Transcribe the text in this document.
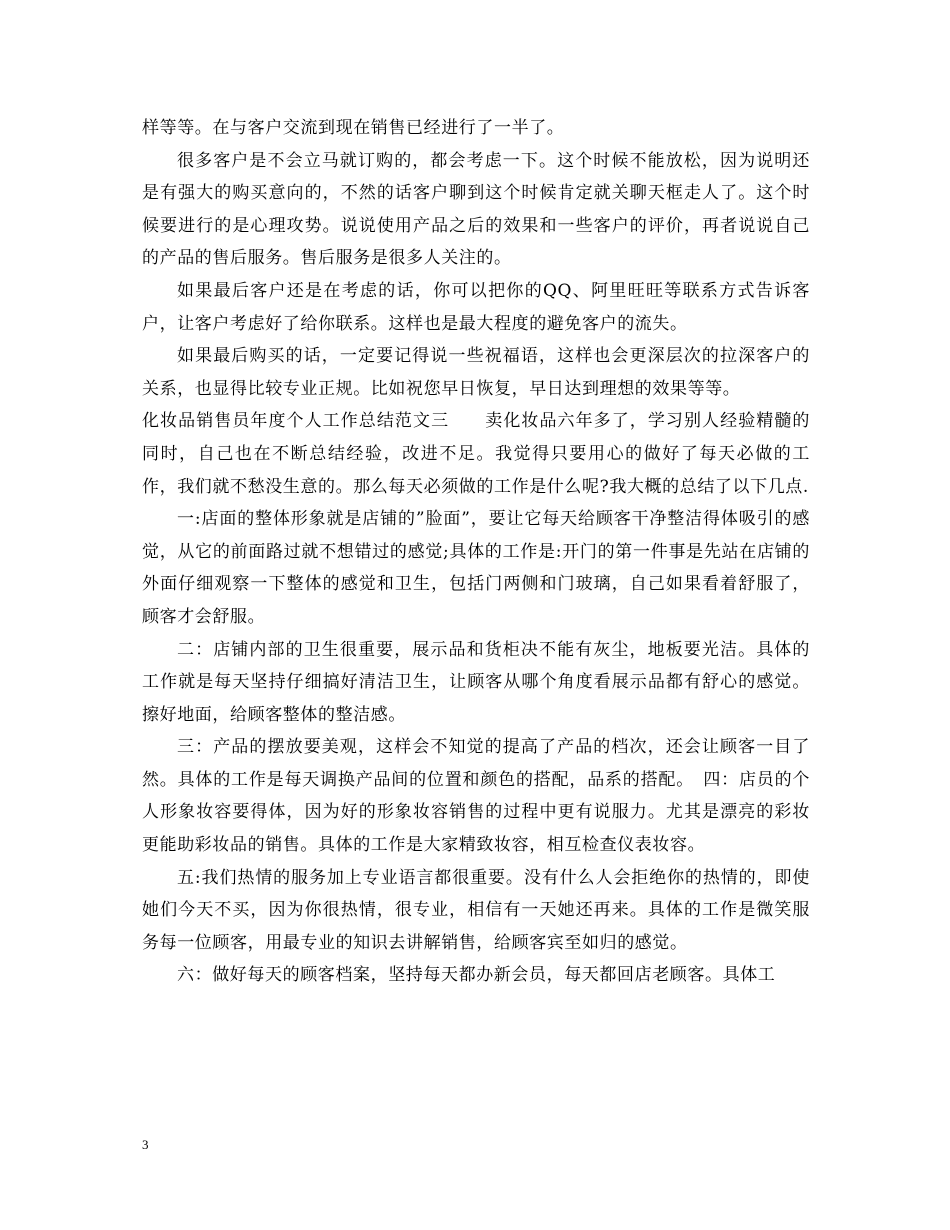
样等等。在与客户交流到现在销售已经进行了一半了。

很多客户是不会立马就订购的，都会考虑一下。这个时候不能放松，因为说明还是有强大的购买意向的，不然的话客户聊到这个时候肯定就关聊天框走人了。这个时候要进行的是心理攻势。说说使用产品之后的效果和一些客户的评价，再者说说自己的产品的售后服务。售后服务是很多人关注的。

如果最后客户还是在考虑的话，你可以把你的QQ、阿里旺旺等联系方式告诉客户，让客户考虑好了给你联系。这样也是最大程度的避免客户的流失。

如果最后购买的话，一定要记得说一些祝福语，这样也会更深层次的拉深客户的关系，也显得比较专业正规。比如祝您早日恢复，早日达到理想的效果等等。

化妆品销售员年度个人工作总结范文三　　卖化妆品六年多了，学习别人经验精髓的同时，自己也在不断总结经验，改进不足。我觉得只要用心的做好了每天必做的工作，我们就不愁没生意的。那么每天必须做的工作是什么呢?我大概的总结了以下几点.

一:店面的整体形象就是店铺的”脸面”，要让它每天给顾客干净整洁得体吸引的感觉，从它的前面路过就不想错过的感觉;具体的工作是:开门的第一件事是先站在店铺的外面仔细观察一下整体的感觉和卫生，包括门两侧和门玻璃，自己如果看着舒服了，顾客才会舒服。

二：店铺内部的卫生很重要，展示品和货柜决不能有灰尘，地板要光洁。具体的工作就是每天坚持仔细搞好清洁卫生，让顾客从哪个角度看展示品都有舒心的感觉。擦好地面，给顾客整体的整洁感。

三：产品的摆放要美观，这样会不知觉的提高了产品的档次，还会让顾客一目了然。具体的工作是每天调换产品间的位置和颜色的搭配，品系的搭配。　四：店员的个人形象妆容要得体，因为好的形象妆容销售的过程中更有说服力。尤其是漂亮的彩妆更能助彩妆品的销售。具体的工作是大家精致妆容，相互检查仪表妆容。

五:我们热情的服务加上专业语言都很重要。没有什么人会拒绝你的热情的，即使她们今天不买，因为你很热情，很专业，相信有一天她还再来。具体的工作是微笑服务每一位顾客，用最专业的知识去讲解销售，给顾客宾至如归的感觉。

六：做好每天的顾客档案，坚持每天都办新会员，每天都回店老顾客。具体工

3
